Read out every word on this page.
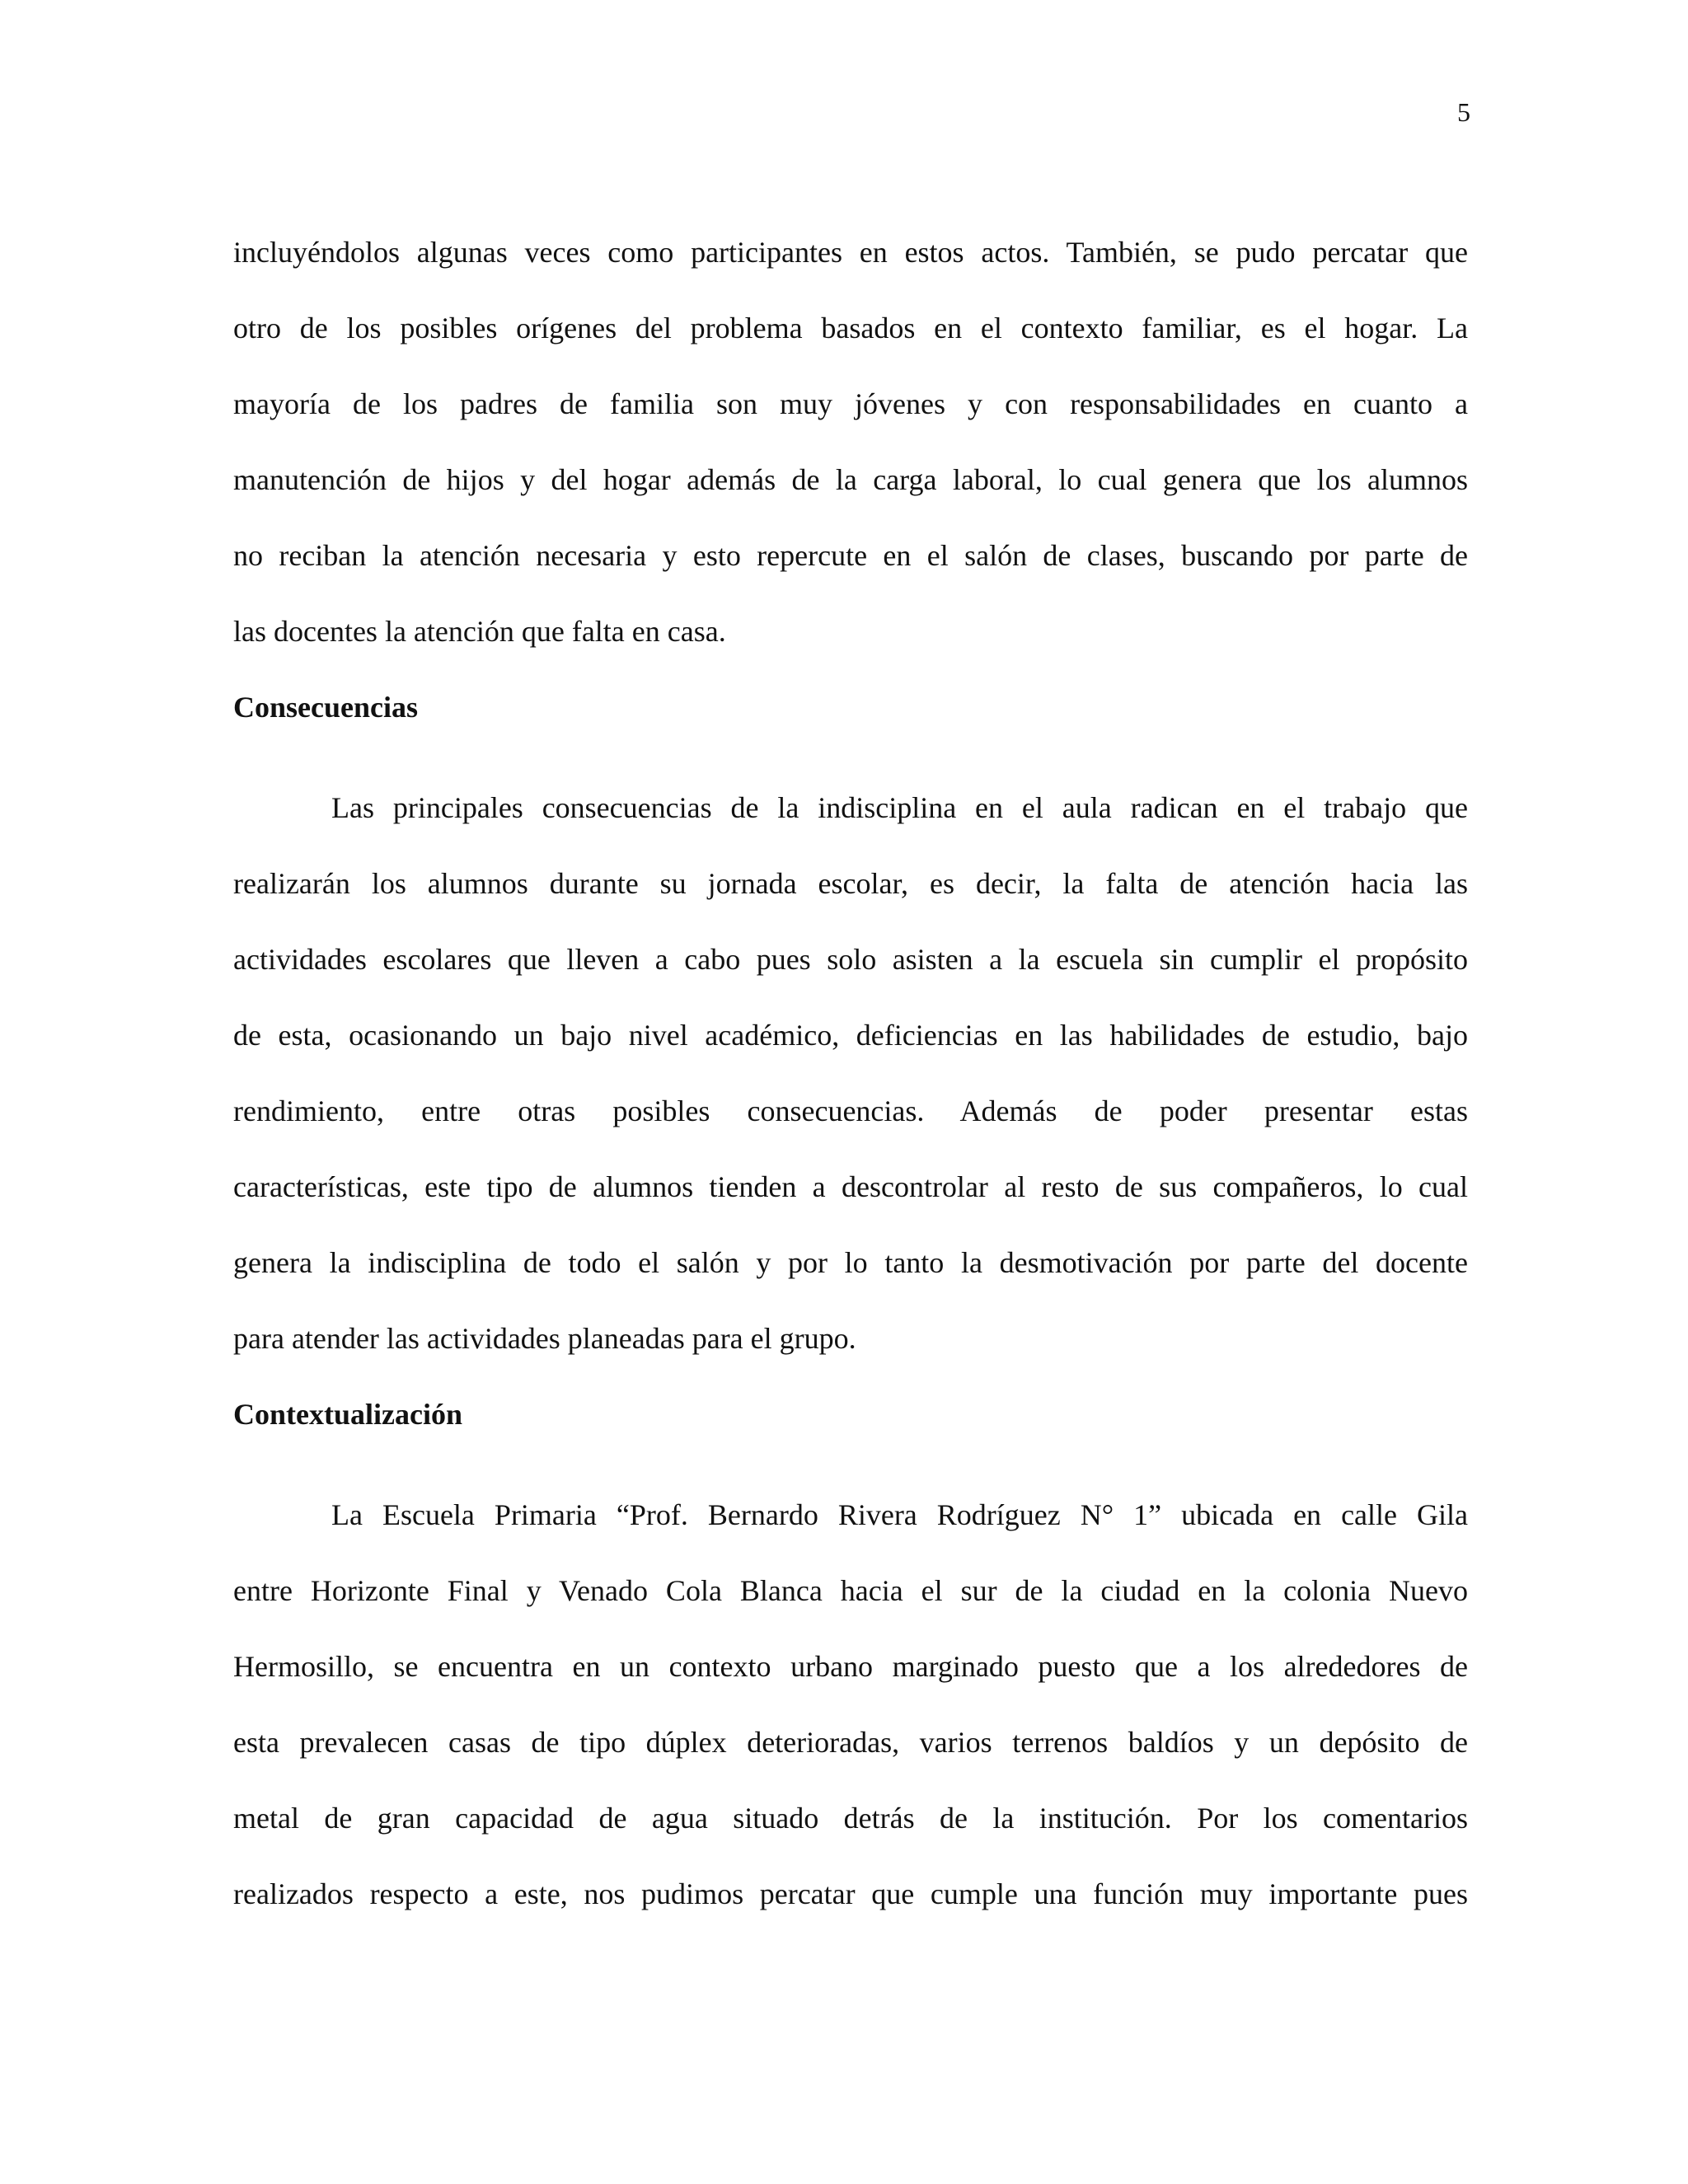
5
incluyéndolos algunas veces como participantes en estos actos. También, se pudo percatar que
otro de los posibles orígenes del problema basados en el contexto familiar, es el hogar. La
mayoría de los padres de familia son muy jóvenes y con responsabilidades en cuanto a
manutención de hijos y del hogar además de la carga laboral, lo cual genera que los alumnos
no reciban la atención necesaria y esto repercute en el salón de clases, buscando por parte de
las docentes la atención que falta en casa.
Consecuencias
Las principales consecuencias de la indisciplina en el aula radican en el trabajo que
realizarán los alumnos durante su jornada escolar, es decir, la falta de atención hacia las
actividades escolares que lleven a cabo pues solo asisten a la escuela sin cumplir el propósito
de esta, ocasionando un bajo nivel académico, deficiencias en las habilidades de estudio, bajo
rendimiento, entre otras posibles consecuencias. Además de poder presentar estas
características, este tipo de alumnos tienden a descontrolar al resto de sus compañeros, lo cual
genera la indisciplina de todo el salón y por lo tanto la desmotivación por parte del docente
para atender las actividades planeadas para el grupo.
Contextualización
La Escuela Primaria “Prof. Bernardo Rivera Rodríguez N° 1” ubicada en calle Gila
entre Horizonte Final y Venado Cola Blanca hacia el sur de la ciudad en la colonia Nuevo
Hermosillo, se encuentra en un contexto urbano marginado puesto que a los alrededores de
esta prevalecen casas de tipo dúplex deterioradas, varios terrenos baldíos y un depósito de
metal de gran capacidad de agua situado detrás de la institución. Por los comentarios
realizados respecto a este, nos pudimos percatar que cumple una función muy importante pues
